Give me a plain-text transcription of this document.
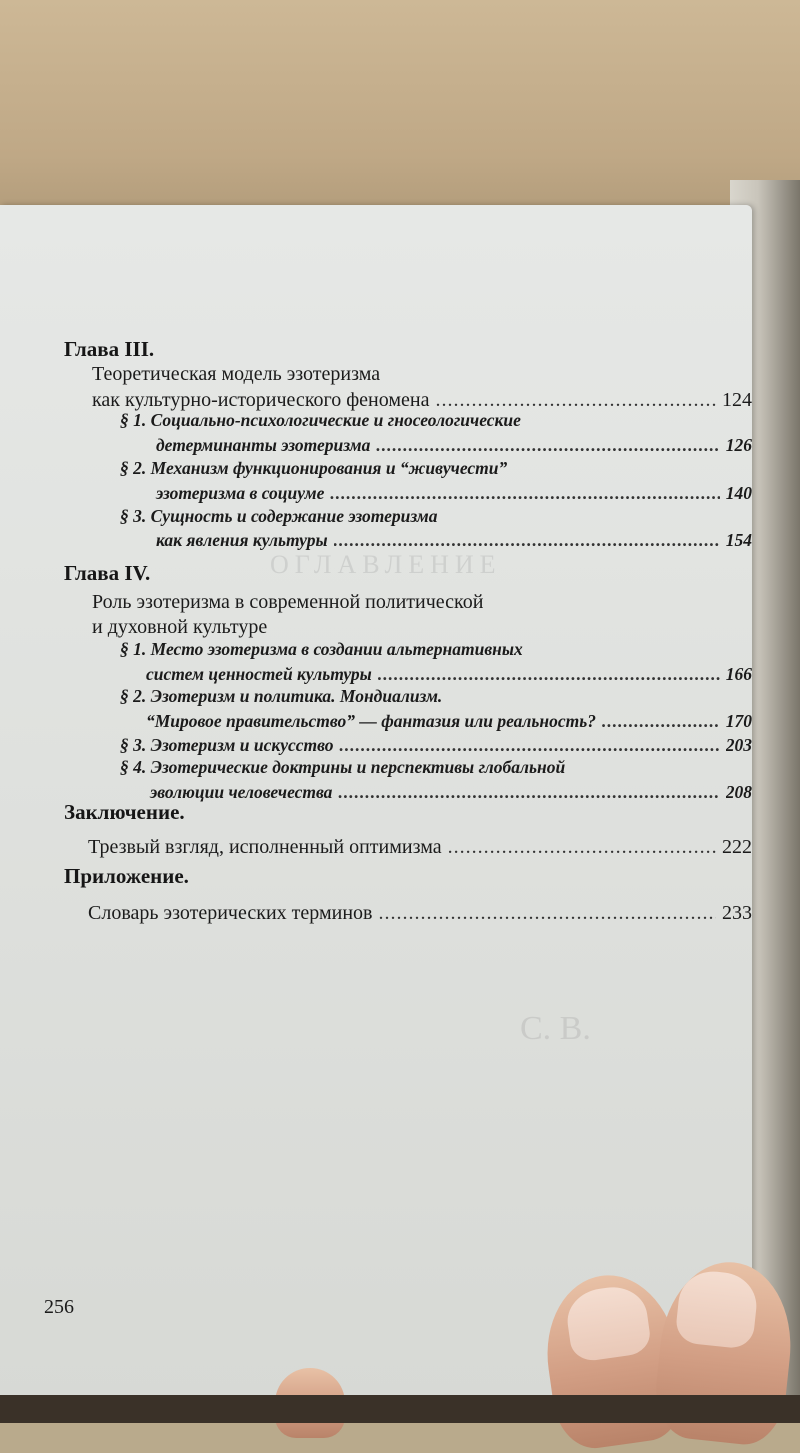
ОГЛАВЛЕНИЕ
С. В.
Глава III.
Теоретическая модель эзотеризма
как культурно-исторического феномена .....	124
§ 1. Социально-психологические и гносеологические
детерминанты эзотеризма .....	126
§ 2. Механизм функционирования и “живучести”
эзотеризма в социуме .....	140
§ 3. Сущность и содержание эзотеризма
как явления культуры .....	154
Глава IV.
Роль эзотеризма в современной политической
и духовной культуре
§ 1. Место эзотеризма в создании альтернативных
систем ценностей культуры .....	166
§ 2. Эзотеризм и политика. Мондиализм.
“Мировое правительство” — фантазия или реальность? .....	170
§ 3. Эзотеризм и искусство .....	203
§ 4. Эзотерические доктрины и перспективы глобальной
эволюции человечества .....	208
Заключение.
Трезвый взгляд, исполненный оптимизма .....	222
Приложение.
Словарь эзотерических терминов .....	233
256
